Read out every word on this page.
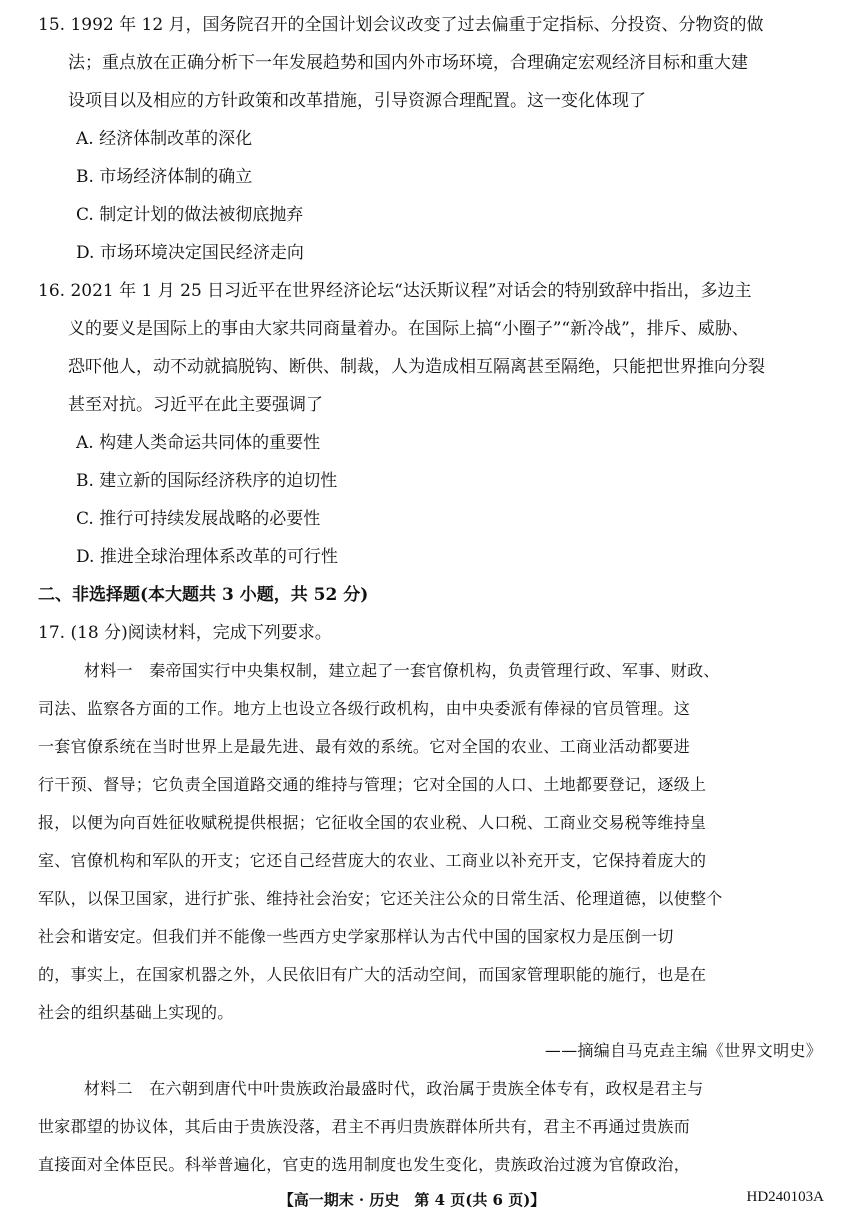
15. 1992 年 12 月，国务院召开的全国计划会议改变了过去偏重于定指标、分投资、分物资的做
法；重点放在正确分析下一年发展趋势和国内外市场环境，合理确定宏观经济目标和重大建
设项目以及相应的方针政策和改革措施，引导资源合理配置。这一变化体现了
A. 经济体制改革的深化
B. 市场经济体制的确立
C. 制定计划的做法被彻底抛弃
D. 市场环境决定国民经济走向
16. 2021 年 1 月 25 日习近平在世界经济论坛“达沃斯议程”对话会的特别致辞中指出，多边主
义的要义是国际上的事由大家共同商量着办。在国际上搞“小圈子”“新冷战”，排斥、威胁、
恐吓他人，动不动就搞脱钩、断供、制裁，人为造成相互隔离甚至隔绝，只能把世界推向分裂
甚至对抗。习近平在此主要强调了
A. 构建人类命运共同体的重要性
B. 建立新的国际经济秩序的迫切性
C. 推行可持续发展战略的必要性
D. 推进全球治理体系改革的可行性
二、非选择题(本大题共 3 小题，共 52 分)
17. (18 分)阅读材料，完成下列要求。
材料一　秦帝国实行中央集权制，建立起了一套官僚机构，负责管理行政、军事、财政、
司法、监察各方面的工作。地方上也设立各级行政机构，由中央委派有俸禄的官员管理。这
一套官僚系统在当时世界上是最先进、最有效的系统。它对全国的农业、工商业活动都要进
行干预、督导；它负责全国道路交通的维持与管理；它对全国的人口、土地都要登记，逐级上
报，以便为向百姓征收赋税提供根据；它征收全国的农业税、人口税、工商业交易税等维持皇
室、官僚机构和军队的开支；它还自己经营庞大的农业、工商业以补充开支，它保持着庞大的
军队，以保卫国家，进行扩张、维持社会治安；它还关注公众的日常生活、伦理道德，以使整个
社会和谐安定。但我们并不能像一些西方史学家那样认为古代中国的国家权力是压倒一切
的，事实上，在国家机器之外，人民依旧有广大的活动空间，而国家管理职能的施行，也是在
社会的组织基础上实现的。
——摘编自马克垚主编《世界文明史》
材料二　在六朝到唐代中叶贵族政治最盛时代，政治属于贵族全体专有，政权是君主与
世家郡望的协议体，其后由于贵族没落，君主不再归贵族群体所共有，君主不再通过贵族而
直接面对全体臣民。科举普遍化，官吏的选用制度也发生变化，贵族政治过渡为官僚政治，
【高一期末 · 历史　第 4 页(共 6 页)】	HD240103A
